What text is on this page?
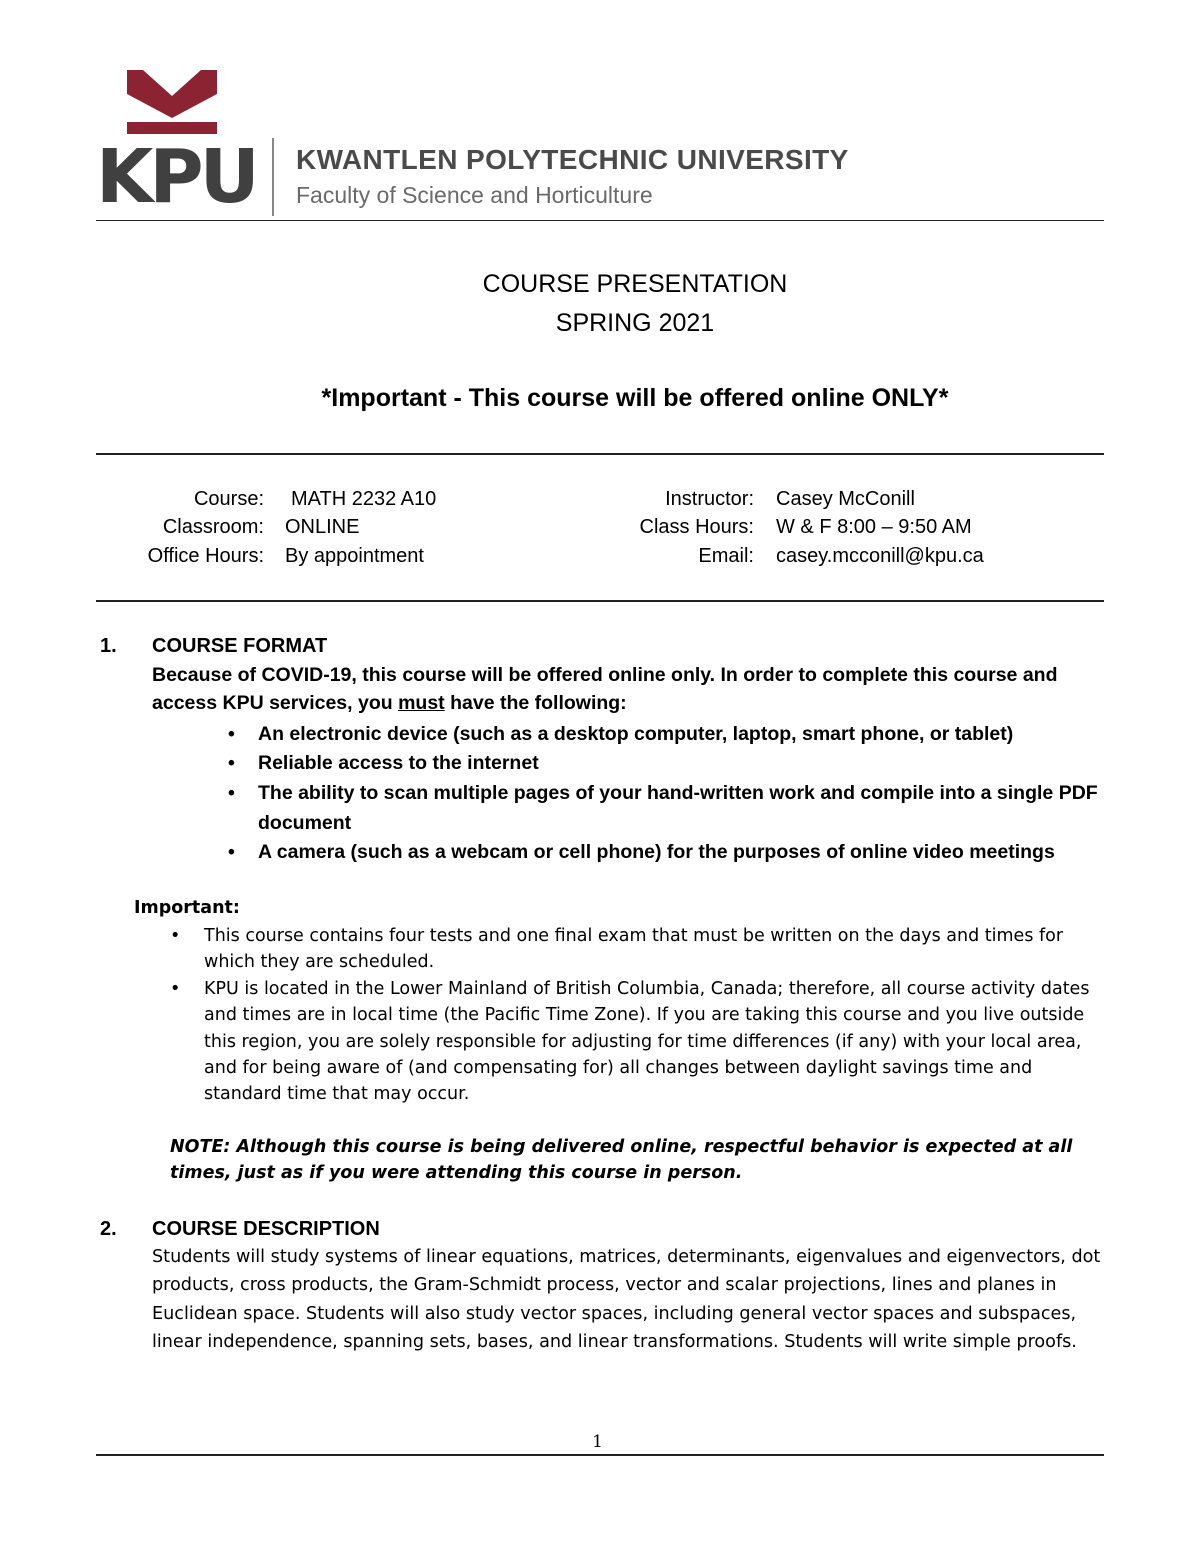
KPU KWANTLEN POLYTECHNIC UNIVERSITY
Faculty of Science and Horticulture
COURSE PRESENTATION
SPRING 2021
*Important - This course will be offered online ONLY*
Course: MATH 2232 A10
Classroom: ONLINE
Office Hours: By appointment
Instructor: Casey McConill
Class Hours: W & F 8:00 – 9:50 AM
Email: casey.mcconill@kpu.ca
1. COURSE FORMAT
Because of COVID-19, this course will be offered online only. In order to complete this course and access KPU services, you must have the following:
• An electronic device (such as a desktop computer, laptop, smart phone, or tablet)
• Reliable access to the internet
• The ability to scan multiple pages of your hand-written work and compile into a single PDF document
• A camera (such as a webcam or cell phone) for the purposes of online video meetings
Important:
• This course contains four tests and one final exam that must be written on the days and times for which they are scheduled.
• KPU is located in the Lower Mainland of British Columbia, Canada; therefore, all course activity dates and times are in local time (the Pacific Time Zone). If you are taking this course and you live outside this region, you are solely responsible for adjusting for time differences (if any) with your local area, and for being aware of (and compensating for) all changes between daylight savings time and standard time that may occur.
NOTE: Although this course is being delivered online, respectful behavior is expected at all times, just as if you were attending this course in person.
2. COURSE DESCRIPTION
Students will study systems of linear equations, matrices, determinants, eigenvalues and eigenvectors, dot products, cross products, the Gram-Schmidt process, vector and scalar projections, lines and planes in Euclidean space. Students will also study vector spaces, including general vector spaces and subspaces, linear independence, spanning sets, bases, and linear transformations. Students will write simple proofs.
1
